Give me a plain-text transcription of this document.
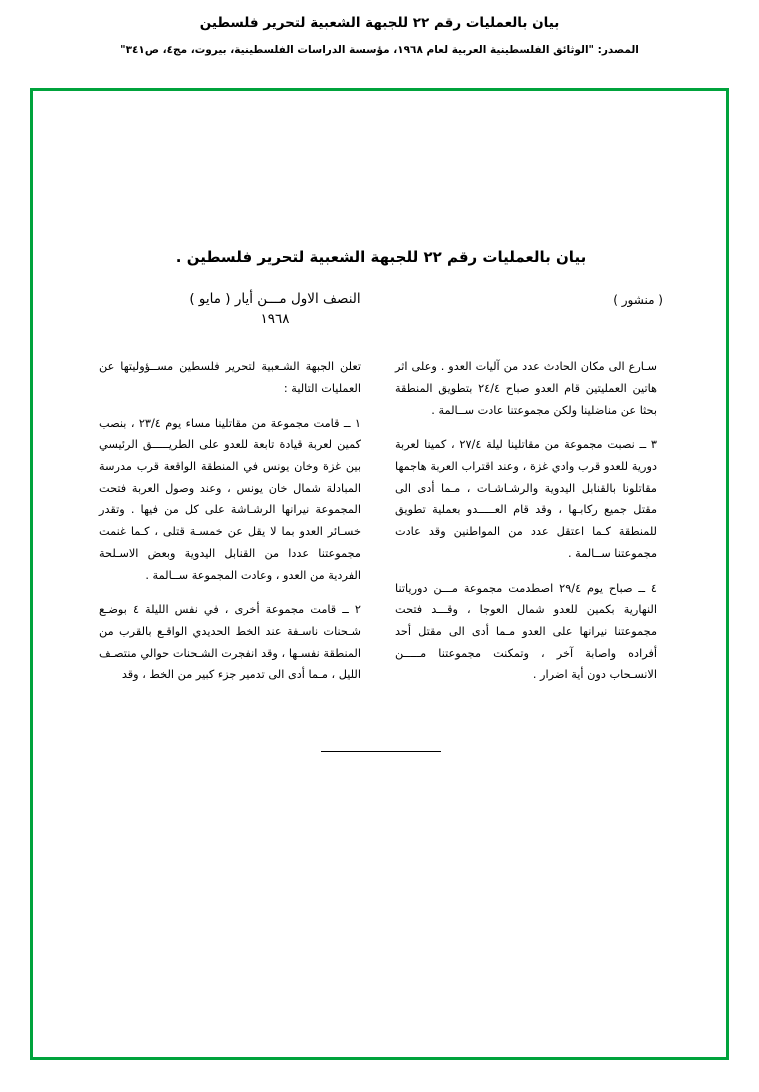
بيان بالعمليات رقم ٢٢ للجبهة الشعبية لتحرير فلسطين
المصدر: "الوثائق الفلسطينية العربية لعام ١٩٦٨، مؤسسة الدراسات الفلسطينية، بيروت، مج٤، ص٣٤١"
بيان بالعمليات رقم ٢٢ للجبهة الشعبية لتحرير فلسطين .
النصف الاول مـــن أيار ( مايو )
١٩٦٨
( منشور )

تعلن الجبهة الشـعبية لتحرير فلسطين مســؤوليتها عن العمليات التالية :

١ ــ قامت مجموعة من مقاتلينا مساء يوم ٢٣/٤ ، بنصب كمين لعربة قيادة تابعة للعدو على الطريـــــق الرئيسي بين غزة وخان يونس في المنطقة الواقعة قرب مدرسة المبادلة شمال خان يونس ، وعند وصول العربة فتحت المجموعة نيرانها الرشـاشة على كل من فيها . وتقدر خسـائر العدو بما لا يقل عن خمسـة قتلى ، كـما غنمت مجموعتنا عددا من القنابل اليدوية وبعض الاسـلحة الفردية من العدو ، وعادت المجموعة ســالمة .

٢ ــ قامت مجموعة أخرى ، في نفس الليلة ٤ بوضـع شـحنات ناسـفة عند الخط الحديدي الواقـع بالقرب من المنطقة نفسـها ، وقد انفجرت الشـحنات حوالي منتصـف الليل ، مـما أدى الى تدمير جزء كبير من الخط ، وقد

سـارع الى مكان الحادث عدد من آليات العدو . وعلى اثر هاتين العمليتين قام العدو صباح ٢٤/٤ بتطويق المنطقة بحثا عن مناضلينا ولكن مجموعتنا عادت ســالمة .

٣ ــ نصبت مجموعة من مقاتلينا ليلة ٢٧/٤ ، كمينا لعربة دورية للعدو قرب وادي غزة ، وعند اقتراب العربة هاجمها مقاتلونا بالقنابل اليدوية والرشـاشـات ، مـما أدى الى مقتل جميع ركابـها ، وقد قام العـــــدو بعملية تطويق للمنطقة كـما اعتقل عدد من المواطنين وقد عادت مجموعتنا ســالمة .

٤ ــ صباح يوم ٢٩/٤ اصطدمت مجموعة مـــن دورياتنا النهارية بكمين للعدو شمال العوجا ، وقـــد فتحت مجموعتنا نيرانها على العدو مـما أدى الى مقتل أحد أفراده واصابة آخر ، وتمكنت مجموعتنا مـــــن الانسـحاب دون أية اضرار .
